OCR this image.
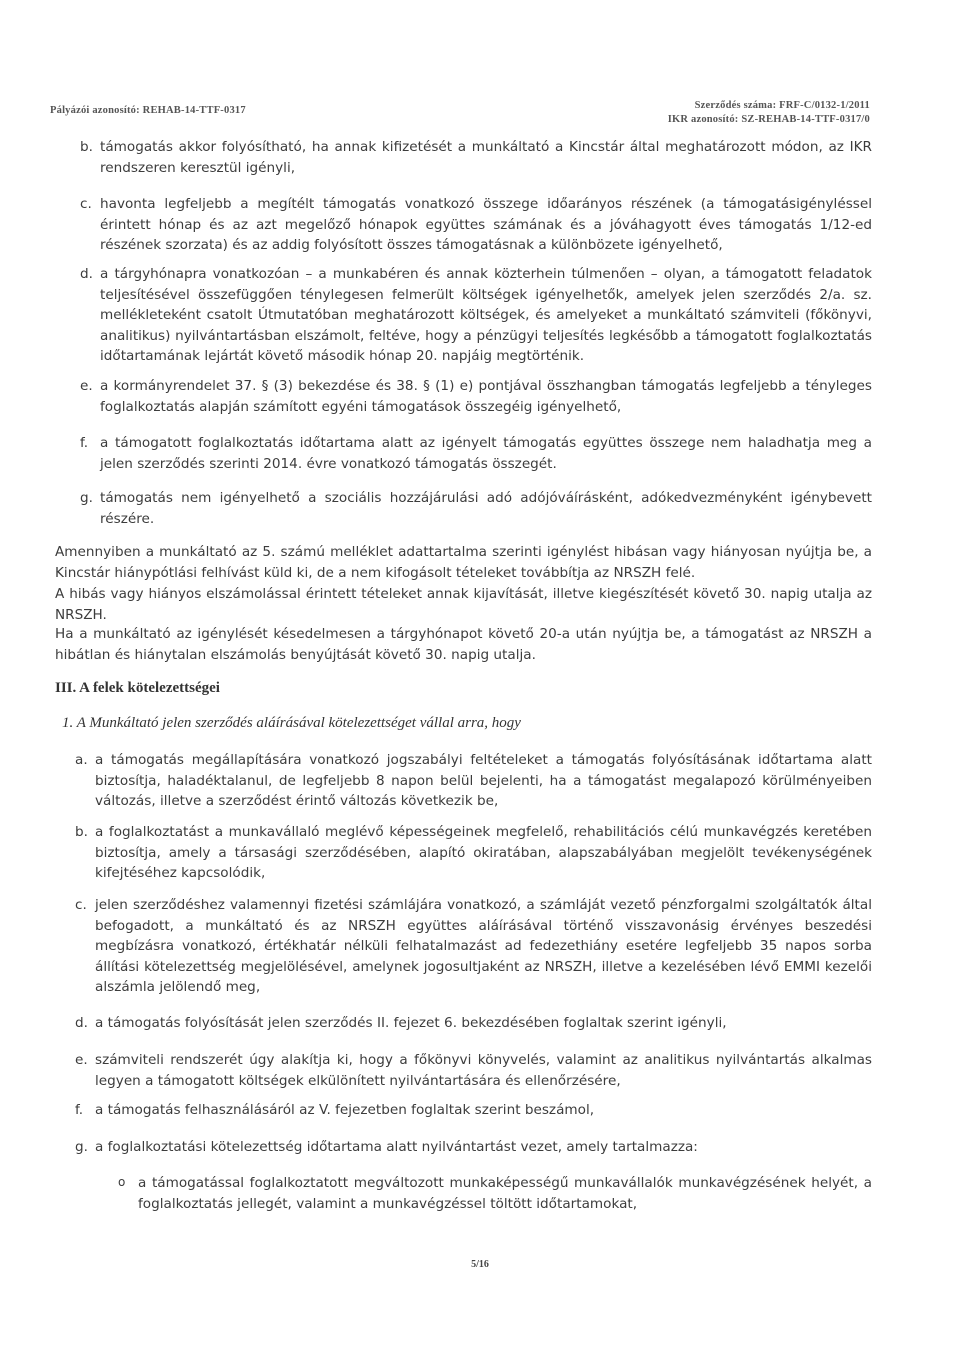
Pályázói azonosító: REHAB-14-TTF-0317	Szerződés száma: FRF-C/0132-1/2011
IKR azonosító: SZ-REHAB-14-TTF-0317/0
b. támogatás akkor folyósítható, ha annak kifizetését a munkáltató a Kincstár által meghatározott módon, az IKR rendszeren keresztül igényli,
c. havonta legfeljebb a megítélt támogatás vonatkozó összege időarányos részének (a támogatásigényléssel érintett hónap és az azt megelőző hónapok együttes számának és a jóváhagyott éves támogatás 1/12-ed részének szorzata) és az addig folyósított összes támogatásnak a különbözete igényelhető,
d. a tárgyhónapra vonatkozóan – a munkabéren és annak közterhein túlmenően – olyan, a támogatott feladatok teljesítésével összefüggően ténylegesen felmerült költségek igényelhetők, amelyek jelen szerződés 2/a. sz. mellékleteként csatolt Útmutatóban meghatározott költségek, és amelyeket a munkáltató számviteli (főkönyvi, analitikus) nyilvántartásban elszámolt, feltéve, hogy a pénzügyi teljesítés legkésőbb a támogatott foglalkoztatás időtartamának lejártát követő második hónap 20. napjáig megtörténik.
e. a kormányrendelet 37. § (3) bekezdése és 38. § (1) e) pontjával összhangban támogatás legfeljebb a tényleges foglalkoztatás alapján számított egyéni támogatások összegéig igényelhető,
f. a támogatott foglalkoztatás időtartama alatt az igényelt támogatás együttes összege nem haladhatja meg a jelen szerződés szerinti 2014. évre vonatkozó támogatás összegét.
g. támogatás nem igényelhető a szociális hozzájárulási adó adójóváírásként, adókedvezményként igénybevett részére.
Amennyiben a munkáltató az 5. számú melléklet adattartalma szerinti igénylést hibásan vagy hiányosan nyújtja be, a Kincstár hiánypótlási felhívást küld ki, de a nem kifogásolt tételeket továbbítja az NRSZH felé.
A hibás vagy hiányos elszámolással érintett tételeket annak kijavítását, illetve kiegészítését követő 30. napig utalja az NRSZH.
Ha a munkáltató az igénylését késedelmesen a tárgyhónapot követő 20-a után nyújtja be, a támogatást az NRSZH a hibátlan és hiánytalan elszámolás benyújtását követő 30. napig utalja.
III. A felek kötelezettségei
1. A Munkáltató jelen szerződés aláírásával kötelezettséget vállal arra, hogy
a. a támogatás megállapítására vonatkozó jogszabályi feltételeket a támogatás folyósításának időtartama alatt biztosítja, haladéktalanul, de legfeljebb 8 napon belül bejelenti, ha a támogatást megalapozó körülményeiben változás, illetve a szerződést érintő változás következik be,
b. a foglalkoztatást a munkavállaló meglévő képességeinek megfelelő, rehabilitációs célú munkavégzés keretében biztosítja, amely a társasági szerződésében, alapító okiratában, alapszabályában megjelölt tevékenységének kifejtéséhez kapcsolódik,
c. jelen szerződéshez valamennyi fizetési számlájára vonatkozó, a számláját vezető pénzforgalmi szolgáltatók által befogadott, a munkáltató és az NRSZH együttes aláírásával történő visszavonásig érvényes beszedési megbízásra vonatkozó, értékhatár nélküli felhatalmazást ad fedezethiány esetére legfeljebb 35 napos sorba állítási kötelezettség megjelölésével, amelynek jogosultjaként az NRSZH, illetve a kezelésében lévő EMMI kezelői alszámla jelölendő meg,
d. a támogatás folyósítását jelen szerződés II. fejezet 6. bekezdésében foglaltak szerint igényli,
e. számviteli rendszerét úgy alakítja ki, hogy a főkönyvi könyvelés, valamint az analitikus nyilvántartás alkalmas legyen a támogatott költségek elkülönített nyilvántartására és ellenőrzésére,
f. a támogatás felhasználásáról az V. fejezetben foglaltak szerint beszámol,
g. a foglalkoztatási kötelezettség időtartama alatt nyilvántartást vezet, amely tartalmazza:
o a támogatással foglalkoztatott megváltozott munkaképességű munkavállalók munkavégzésének helyét, a foglalkoztatás jellegét, valamint a munkavégzéssel töltött időtartamokat,
5/16
